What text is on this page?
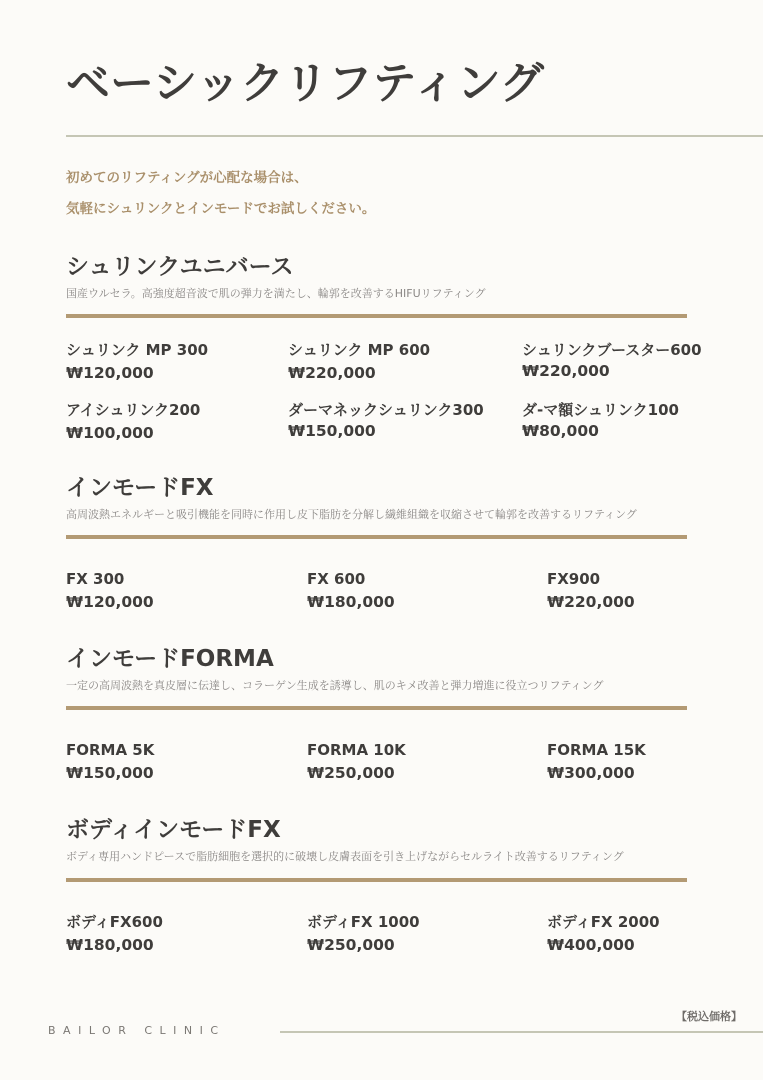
ベーシックリフティング
初めてのリフティングが心配な場合は、
気軽にシュリンクとインモードでお試しください。
シュリンクユニバース
国産ウルセラ。高強度超音波で肌の弾力を満たし、輪郭を改善するHIFUリフティング
シュリンク MP 300
₩120,000
シュリンク MP 600
₩220,000
シュリンクブースター600
₩220,000
アイシュリンク200
₩100,000
ダーマネックシュリンク300
₩150,000
ダ-マ額シュリンク100
₩80,000
インモードFX
高周波熱エネルギーと吸引機能を同時に作用し皮下脂肪を分解し繊維組織を収縮させて輪郭を改善するリフティング
FX 300
₩120,000
FX 600
₩180,000
FX900
₩220,000
インモードFORMA
一定の高周波熱を真皮層に伝達し、コラーゲン生成を誘導し、肌のキメ改善と弾力増進に役立つリフティング
FORMA 5K
₩150,000
FORMA 10K
₩250,000
FORMA 15K
₩300,000
ボディインモードFX
ボディ専用ハンドピースで脂肪細胞を選択的に破壊し皮膚表面を引き上げながらセルライト改善するリフティング
ボディFX600
₩180,000
ボディFX 1000
₩250,000
ボディFX 2000
₩400,000
【税込価格】
BAILOR CLINIC
